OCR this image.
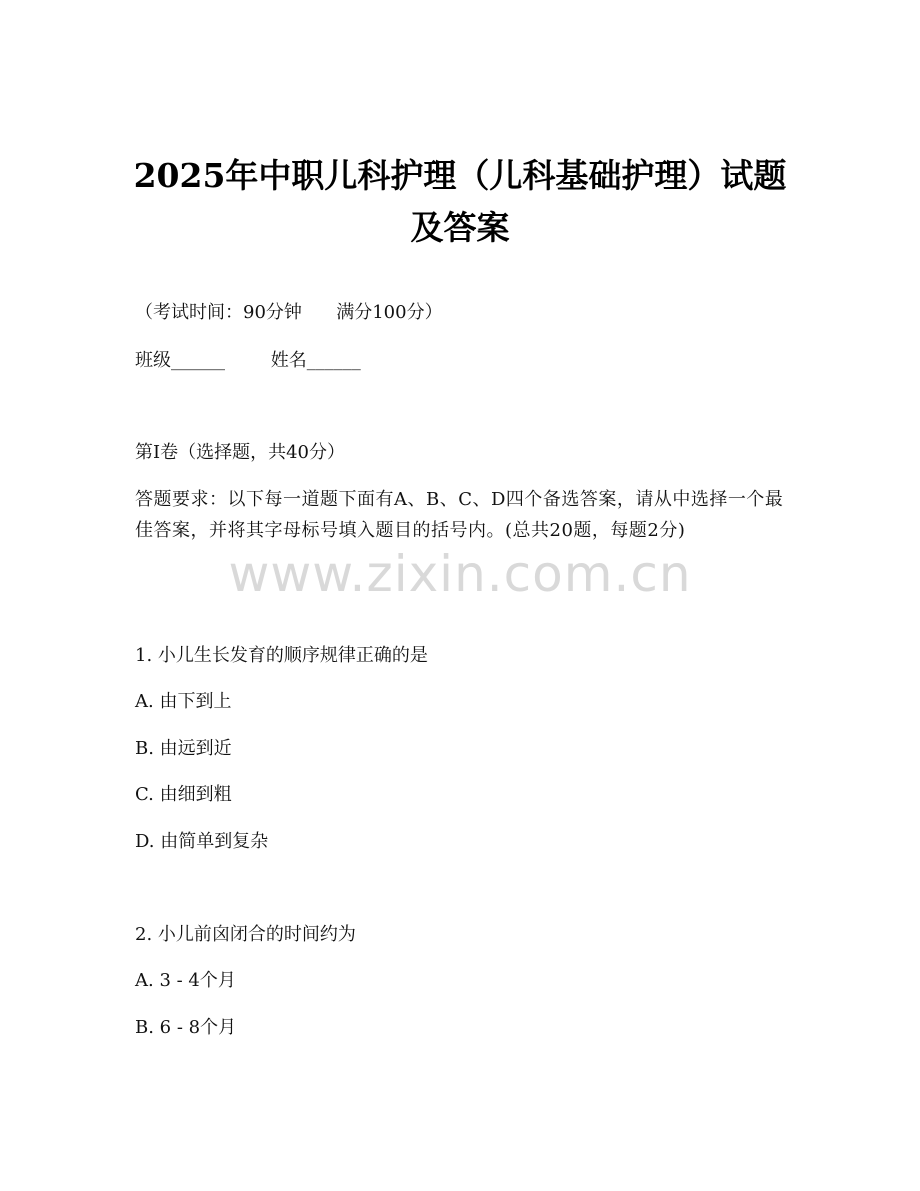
2025年中职儿科护理（儿科基础护理）试题
及答案
（考试时间：90分钟      满分100分）
班级______        姓名______
第Ⅰ卷（选择题，共40分）
答题要求：以下每一道题下面有A、B、C、D四个备选答案，请从中选择一个最佳答案，并将其字母标号填入题目的括号内。(总共20题，每题2分)
www.zixin.com.cn
1. 小儿生长发育的顺序规律正确的是
A. 由下到上
B. 由远到近
C. 由细到粗
D. 由简单到复杂
2. 小儿前囟闭合的时间约为
A. 3 - 4个月
B. 6 - 8个月
